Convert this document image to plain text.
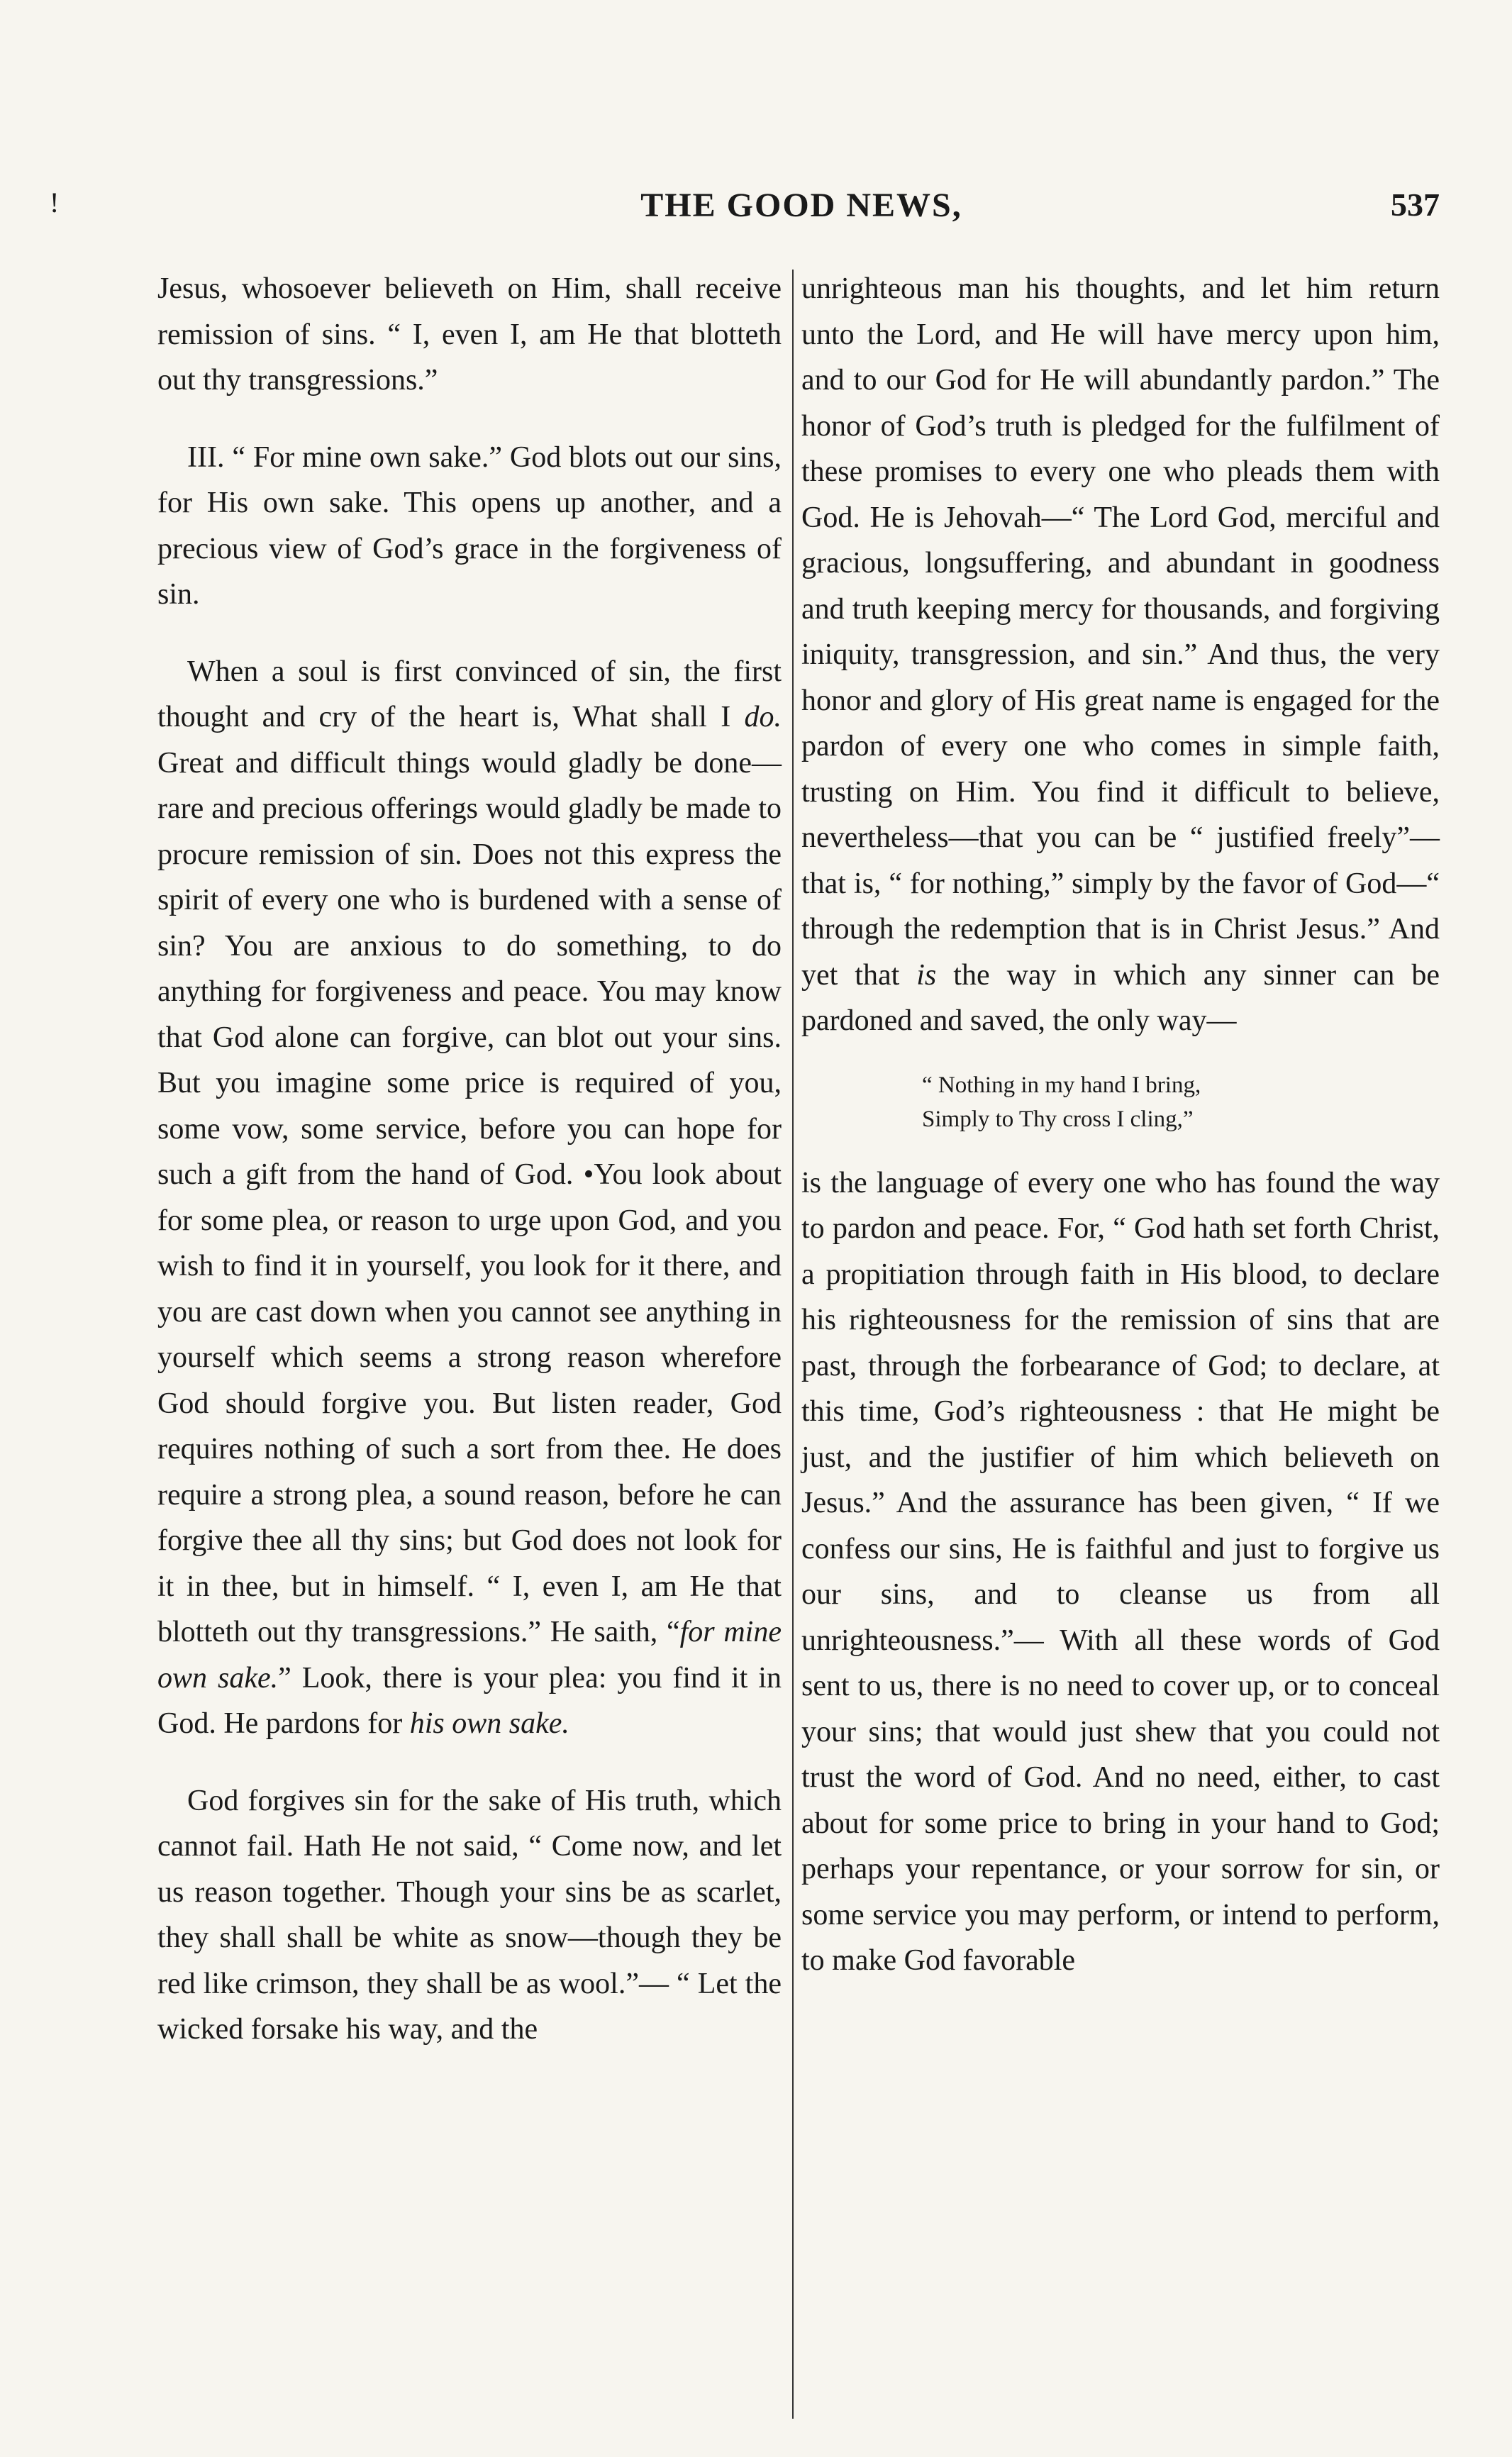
!	THE GOOD NEWS,	537

Jesus, whosoever believeth on Him, shall receive remission of sins. “ I, even I, am He that blotteth out thy transgressions.”

III. “ For mine own sake.” God blots out our sins, for His own sake. This opens up another, and a precious view of God’s grace in the forgiveness of sin.

When a soul is first convinced of sin, the first thought and cry of the heart is, What shall I do. Great and difficult things would gladly be done—rare and precious offerings would gladly be made to procure remission of sin. Does not this express the spirit of every one who is burdened with a sense of sin? You are anxious to do something, to do anything for forgiveness and peace. You may know that God alone can forgive, can blot out your sins. But you imagine some price is required of you, some vow, some service, before you can hope for such a gift from the hand of God. •You look about for some plea, or reason to urge upon God, and you wish to find it in yourself, you look for it there, and you are cast down when you cannot see anything in yourself which seems a strong reason wherefore God should forgive you. But listen reader, God requires nothing of such a sort from thee. He does require a strong plea, a sound reason, before he can forgive thee all thy sins; but God does not look for it in thee, but in himself. “ I, even I, am He that blotteth out thy transgressions.” He saith, “for mine own sake.” Look, there is your plea: you find it in God. He pardons for his own sake.

God forgives sin for the sake of His truth, which cannot fail. Hath He not said, “ Come now, and let us reason together. Though your sins be as scarlet, they shall shall be white as snow—though they be red like crimson, they shall be as wool.”— “ Let the wicked forsake his way, and the

unrighteous man his thoughts, and let him return unto the Lord, and He will have mercy upon him, and to our God for He will abundantly pardon.” The honor of God’s truth is pledged for the fulfilment of these promises to every one who pleads them with God. He is Jehovah—“ The Lord God, merciful and gracious, longsuffering, and abundant in goodness and truth keeping mercy for thousands, and forgiving iniquity, transgression, and sin.” And thus, the very honor and glory of His great name is engaged for the pardon of every one who comes in simple faith, trusting on Him. You find it difficult to believe, nevertheless—that you can be “ justified freely”—that is, “ for nothing,” simply by the favor of God—“ through the redemption that is in Christ Jesus.” And yet that is the way in which any sinner can be pardoned and saved, the only way—

“ Nothing in my hand I bring,
Simply to Thy cross I cling,”

is the language of every one who has found the way to pardon and peace. For, “ God hath set forth Christ, a propitiation through faith in His blood, to declare his righteousness for the remission of sins that are past, through the forbearance of God; to declare, at this time, God’s righteousness : that He might be just, and the justifier of him which believeth on Jesus.” And the assurance has been given, “ If we confess our sins, He is faithful and just to forgive us our sins, and to cleanse us from all unrighteousness.”— With all these words of God sent to us, there is no need to cover up, or to conceal your sins; that would just shew that you could not trust the word of God. And no need, either, to cast about for some price to bring in your hand to God; perhaps your repentance, or your sorrow for sin, or some service you may perform, or intend to perform, to make God favorable
